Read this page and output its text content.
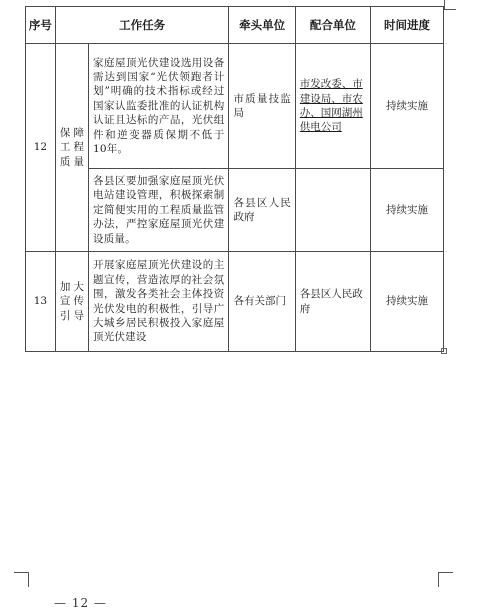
序号	工作任务		牵头单位	配合单位	时间进度
12	保障工程质量	家庭屋顶光伏建设选用设备需达到国家“光伏领跑者计划”明确的技术指标或经过国家认监委批准的认证机构认证且达标的产品，光伏组件和逆变器质保期不低于10年。	市质量技监局	市发改委、市建设局、市农办、国网湖州供电公司	持续实施
		各县区要加强家庭屋顶光伏电站建设管理，积极探索制定简便实用的工程质量监管办法，严控家庭屋顶光伏建设质量。	各县区人民政府		持续实施
13	加大宣传引导	开展家庭屋顶光伏建设的主题宣传，营造浓厚的社会氛围，激发各类社会主体投资光伏发电的积极性，引导广大城乡居民积极投入家庭屋顶光伏建设	各有关部门	各县区人民政府	持续实施
— 12 —
